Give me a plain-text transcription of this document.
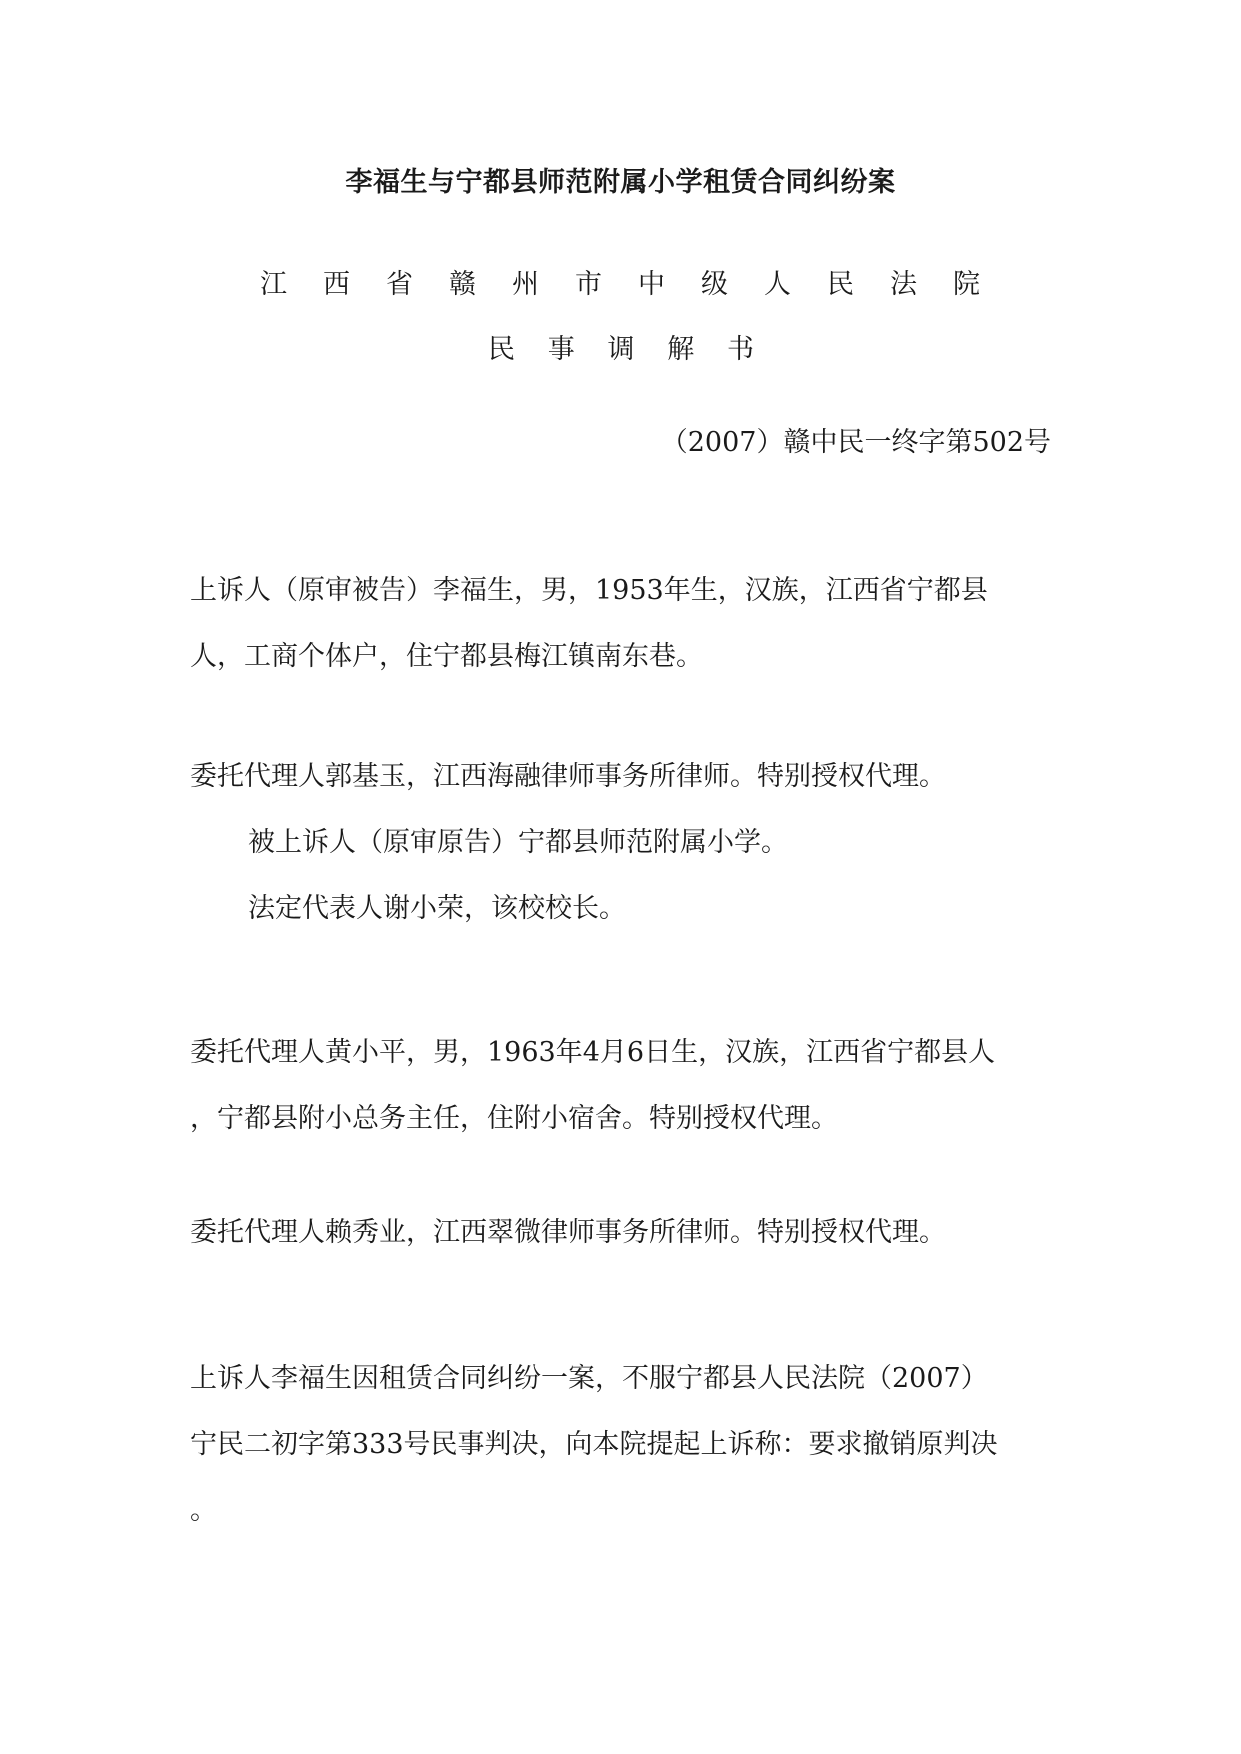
李福生与宁都县师范附属小学租赁合同纠纷案
江 西 省 赣 州 市 中 级 人 民 法 院
民 事 调 解 书
（2007）赣中民一终字第502号
上诉人（原审被告）李福生，男，1953年生，汉族，江西省宁都县
人，工商个体户，住宁都县梅江镇南东巷。
委托代理人郭基玉，江西海融律师事务所律师。特别授权代理。
被上诉人（原审原告）宁都县师范附属小学。
法定代表人谢小荣，该校校长。
委托代理人黄小平，男，1963年4月6日生，汉族，江西省宁都县人
，宁都县附小总务主任，住附小宿舍。特别授权代理。
委托代理人赖秀业，江西翠微律师事务所律师。特别授权代理。
上诉人李福生因租赁合同纠纷一案，不服宁都县人民法院（2007）
宁民二初字第333号民事判决，向本院提起上诉称：要求撤销原判决
。
